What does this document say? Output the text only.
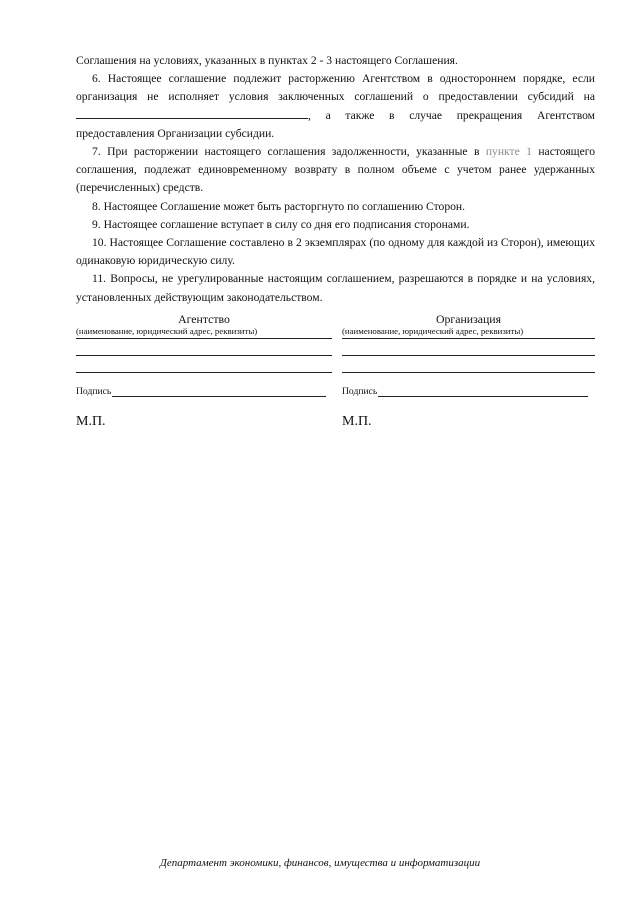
Соглашения на условиях, указанных в пунктах 2 - 3 настоящего Соглашения.

6. Настоящее соглашение подлежит расторжению Агентством в одностороннем порядке, если организация не исполняет условия заключенных соглашений о предоставлении субсидий на , а также в случае прекращения Агентством предоставления Организации субсидии.

7. При расторжении настоящего соглашения задолженности, указанные в пункте 1 настоящего соглашения, подлежат единовременному возврату в полном объеме с учетом ранее удержанных (перечисленных) средств.

8. Настоящее Соглашение может быть расторгнуто по соглашению Сторон.

9. Настоящее соглашение вступает в силу со дня его подписания сторонами.

10. Настоящее Соглашение составлено в 2 экземплярах (по одному для каждой из Сторон), имеющих одинаковую юридическую силу.

11. Вопросы, не урегулированные настоящим соглашением, разрешаются в порядке и на условиях, установленных действующим законодательством.

Агентство
(наименование, юридический адрес, реквизиты)
Подпись
М.П.
Организация
(наименование, юридический адрес, реквизиты)
Подпись
М.П.
Департамент экономики, финансов, имущества и информатизации
